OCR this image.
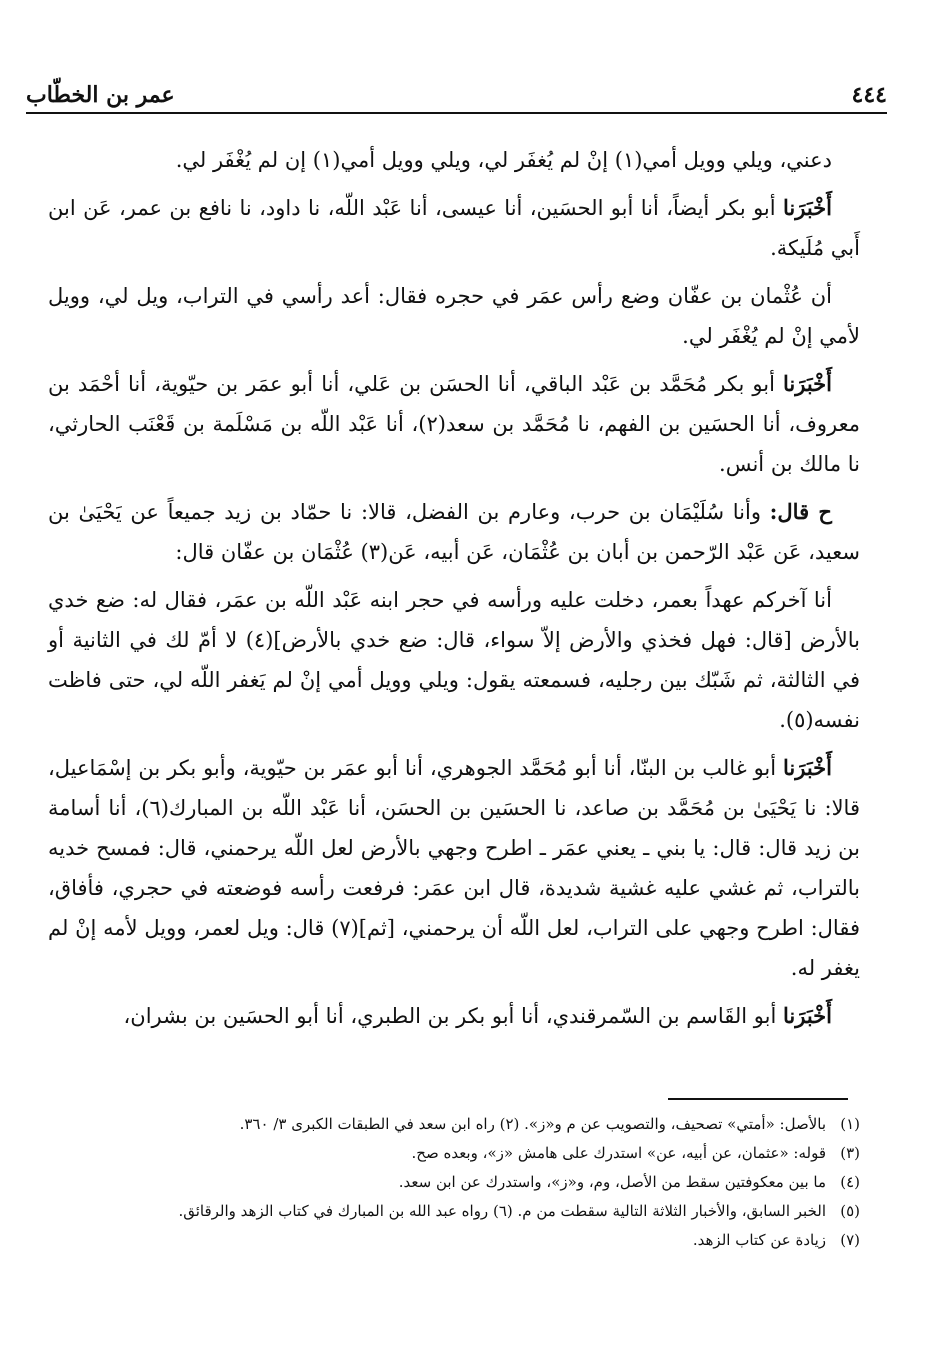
٤٤٤
عمر بن الخطّاب

دعني، ويلي وويل أمي(١) إنْ لم يُغفَر لي، ويلي وويل أمي(١) إن لم يُغْفَر لي.

أَخْبَرَنا أبو بكر أيضاً، أنا أبو الحسَين، أنا عيسى، أنا عَبْد اللّه، نا داود، نا نافع بن عمر، عَن ابن أَبي مُلَيكة.

أن عُثْمان بن عفّان وضع رأس عمَر في حجره فقال: أعد رأسي في التراب، ويل لي، وويل لأمي إنْ لم يُغْفَر لي.

أَخْبَرَنا أبو بكر مُحَمَّد بن عَبْد الباقي، أنا الحسَن بن عَلي، أنا أبو عمَر بن حيّوية، أنا أحْمَد بن معروف، أنا الحسَين بن الفهم، نا مُحَمَّد بن سعد(٢)، أنا عَبْد اللّه بن مَسْلَمة بن قَعْنَب الحارثي، نا مالك بن أنس.

ح قال: وأنا سُلَيْمَان بن حرب، وعارم بن الفضل، قالا: نا حمّاد بن زيد جميعاً عن يَحْيَىٰ بن سعيد، عَن عَبْد الرّحمن بن أبان بن عُثْمَان، عَن أبيه، عَن(٣) عُثْمَان بن عفّان قال:

أنا آخركم عهداً بعمر، دخلت عليه ورأسه في حجر ابنه عَبْد اللّه بن عمَر، فقال له: ضع خدي بالأرض [قال: فهل فخذي والأرض إلاّ سواء، قال: ضع خدي بالأرض](٤) لا أمّ لك في الثانية أو في الثالثة، ثم شَبّك بين رجليه، فسمعته يقول: ويلي وويل أمي إنْ لم يَغفر اللّه لي، حتى فاظت نفسه(٥).

أَخْبَرَنا أبو غالب بن البنّا، أنا أبو مُحَمَّد الجوهري، أنا أبو عمَر بن حيّوية، وأبو بكر بن إسْمَاعيل، قالا: نا يَحْيَىٰ بن مُحَمَّد بن صاعد، نا الحسَين بن الحسَن، أنا عَبْد اللّه بن المبارك(٦)، أنا أسامة بن زيد قال: قال: يا بني ـ يعني عمَر ـ اطرح وجهي بالأرض لعل اللّه يرحمني، قال: فمسح خديه بالتراب، ثم غشي عليه غشية شديدة، قال ابن عمَر: فرفعت رأسه فوضعته في حجري، فأفاق، فقال: اطرح وجهي على التراب، لعل اللّه أن يرحمني، [ثم](٧) قال: ويل لعمر، وويل لأمه إنْ لم يغفر له.

أَخْبَرَنا أبو القَاسم بن السّمرقندي، أنا أبو بكر بن الطبري، أنا أبو الحسَين بن بشران،

(١)بالأصل: «أمتي» تصحيف، والتصويب عن م و«ز». (٢) راه ابن سعد في الطبقات الكبرى ٣/ ٣٦٠.
(٣)قوله: «عثمان، عن أبيه، عن» استدرك على هامش «ز»، وبعده صح.
(٤)ما بين معكوفتين سقط من الأصل، وم، و«ز»، واستدرك عن ابن سعد.
(٥)الخبر السابق، والأخبار الثلاثة التالية سقطت من م. (٦) رواه عبد الله بن المبارك في كتاب الزهد والرقائق.
(٧)زيادة عن كتاب الزهد.
